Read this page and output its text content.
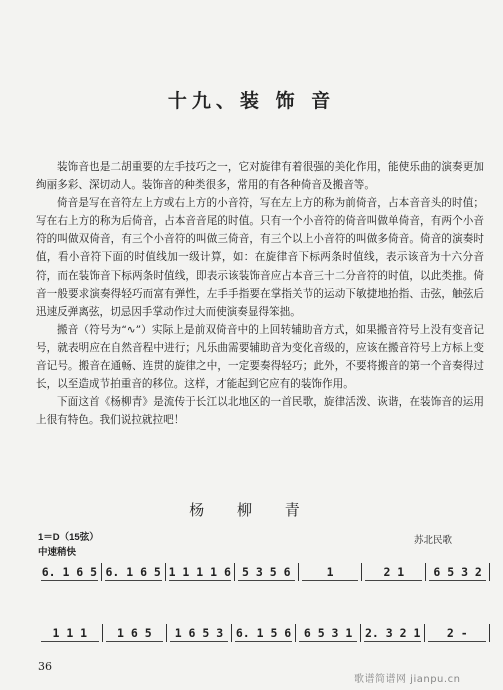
十九、装 饰 音

装饰音也是二胡重要的左手技巧之一，它对旋律有着很强的美化作用，能使乐曲的演奏更加绚丽多彩、深切动人。装饰音的种类很多，常用的有各种倚音及搬音等。

倚音是写在音符左上方或右上方的小音符，写在左上方的称为前倚音，占本音音头的时值；写在右上方的称为后倚音，占本音音尾的时值。只有一个小音符的倚音叫做单倚音，有两个小音符的叫做双倚音，有三个小音符的叫做三倚音，有三个以上小音符的叫做多倚音。倚音的演奏时值，看小音符下面的时值线加一级计算，如：在旋律音下标两条时值线，表示该音为十六分音符，而在装饰音下标两条时值线，即表示该装饰音应占本音三十二分音符的时值，以此类推。倚音一般要求演奏得轻巧而富有弹性，左手手指要在掌指关节的运动下敏捷地抬指、击弦，触弦后迅速反弹离弦，切忌因手掌动作过大而使演奏显得笨拙。

搬音（符号为“∿”）实际上是前双倚音中的上回转辅助音方式，如果搬音符号上没有变音记号，就表明应在自然音程中进行；凡乐曲需要辅助音为变化音级的，应该在搬音符号上方标上变音记号。搬音在通畅、连贯的旋律之中，一定要奏得轻巧；此外，不要将搬音的第一个音奏得过长，以至造成节拍重音的移位。这样，才能起到它应有的装饰作用。

下面这首《杨柳青》是流传于长江以北地区的一首民歌，旋律活泼、诙谐，在装饰音的运用上很有特色。我们说拉就拉吧！

杨 柳 青
1＝D（15弦）
中速稍快
苏北民歌
6. 1 6 5 6. 1 6 5 1 1 1 1 6 5 3 5 6	1	2 1	6 5 3 2
1 1 1	1 6 5	1 6 5 3	6. 1 5 6	6 5 3 1	2. 3 2 1	2 -
36
歌谱简谱网 jianpu.cn
